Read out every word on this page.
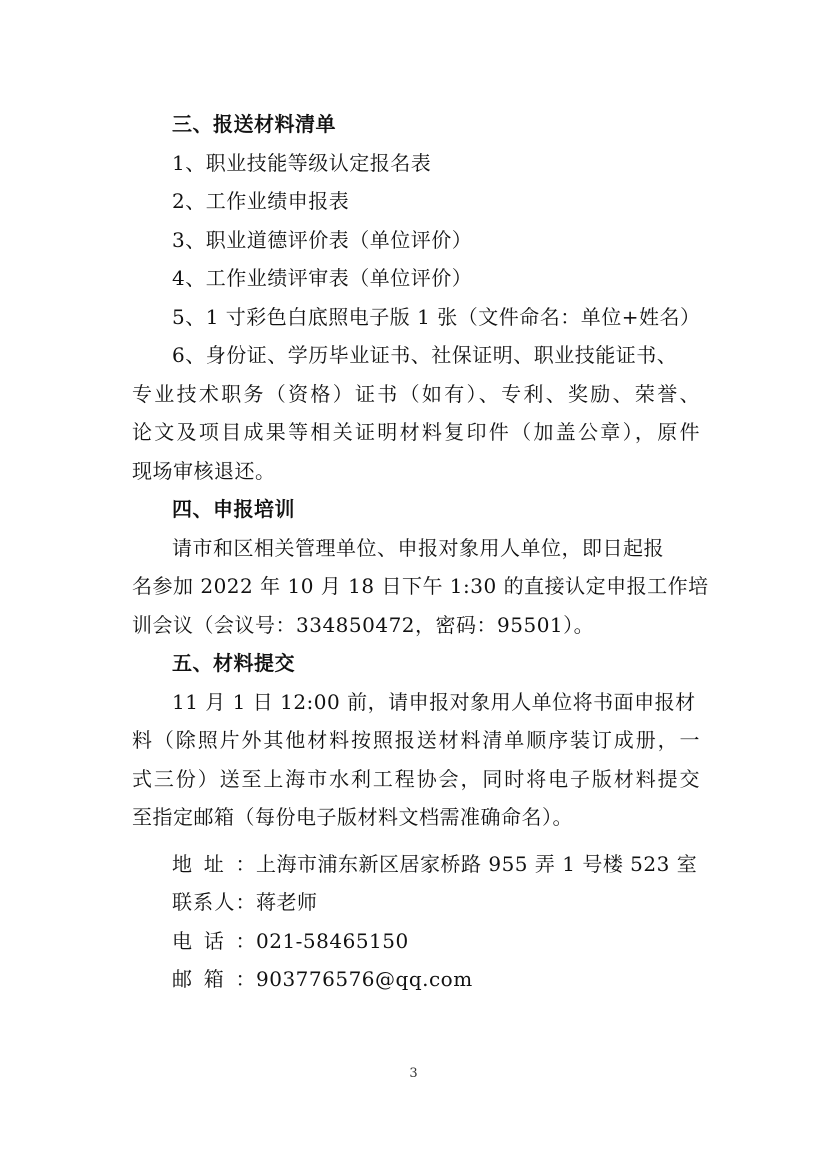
三、报送材料清单
1、职业技能等级认定报名表
2、工作业绩申报表
3、职业道德评价表（单位评价）
4、工作业绩评审表（单位评价）
5、1 寸彩色白底照电子版 1 张（文件命名：单位+姓名）
6、身份证、学历毕业证书、社保证明、职业技能证书、
专业技术职务（资格）证书（如有）、专利、奖励、荣誉、
论文及项目成果等相关证明材料复印件（加盖公章），原件
现场审核退还。
四、申报培训
请市和区相关管理单位、申报对象用人单位，即日起报
名参加 2022 年 10 月 18 日下午 1:30 的直接认定申报工作培
训会议（会议号：334850472，密码：95501）。
五、材料提交
11 月 1 日 12:00 前，请申报对象用人单位将书面申报材
料（除照片外其他材料按照报送材料清单顺序装订成册，一
式三份）送至上海市水利工程协会，同时将电子版材料提交
至指定邮箱（每份电子版材料文档需准确命名）。
地址：上海市浦东新区居家桥路 955 弄 1 号楼 523 室
联系人：蒋老师
电话：021-58465150
邮箱：903776576@qq.com
3
